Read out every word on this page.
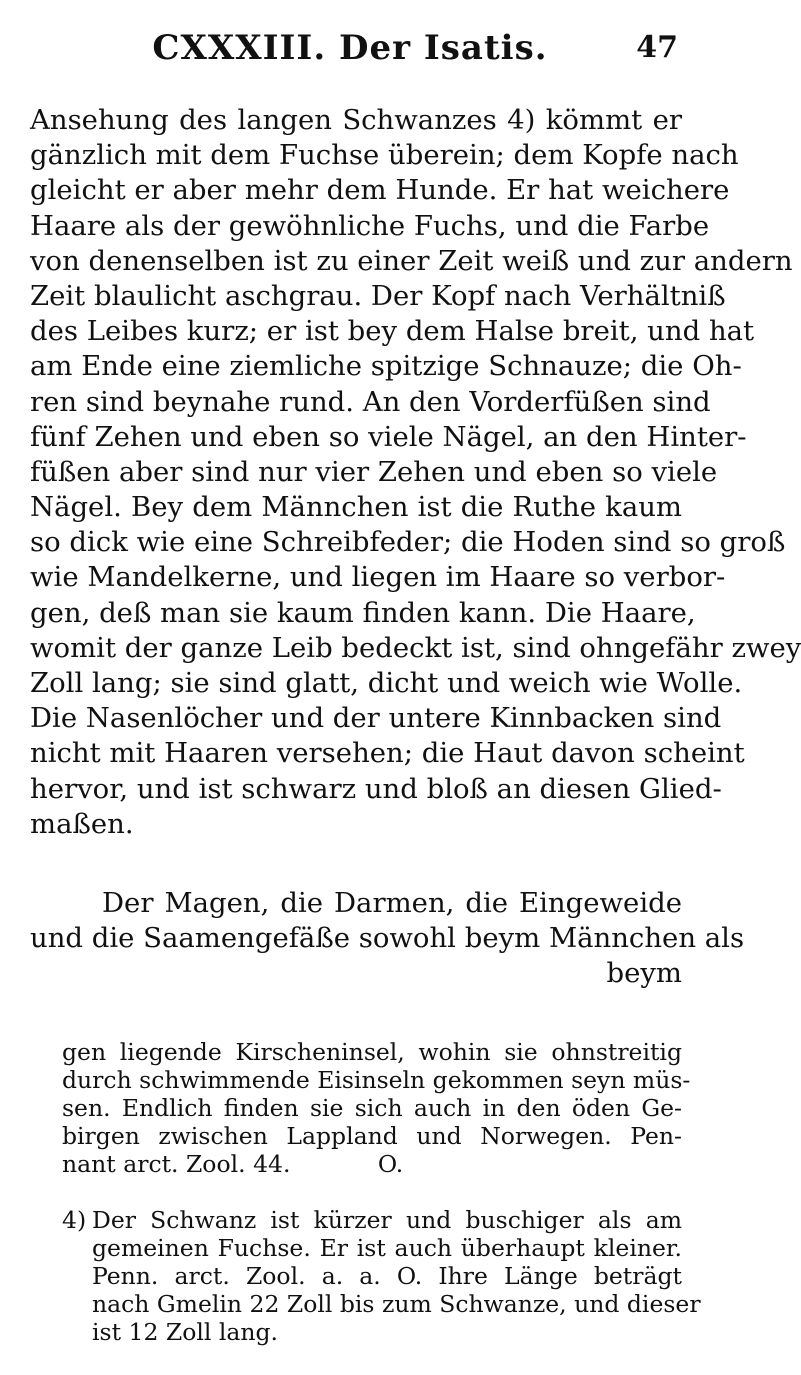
CXXXIII. Der Isatis.	47
Ansehung des langen Schwanzes 4) kömmt er
gänzlich mit dem Fuchse überein; dem Kopfe nach
gleicht er aber mehr dem Hunde. Er hat weichere
Haare als der gewöhnliche Fuchs, und die Farbe
von denenselben ist zu einer Zeit weiß und zur andern
Zeit blaulicht aschgrau. Der Kopf nach Verhältniß
des Leibes kurz; er ist bey dem Halse breit, und hat
am Ende eine ziemliche spitzige Schnauze; die Oh-
ren sind beynahe rund. An den Vorderfüßen sind
fünf Zehen und eben so viele Nägel, an den Hinter-
füßen aber sind nur vier Zehen und eben so viele
Nägel. Bey dem Männchen ist die Ruthe kaum
so dick wie eine Schreibfeder; die Hoden sind so groß
wie Mandelkerne, und liegen im Haare so verbor-
gen, deß man sie kaum finden kann. Die Haare,
womit der ganze Leib bedeckt ist, sind ohngefähr zwey
Zoll lang; sie sind glatt, dicht und weich wie Wolle.
Die Nasenlöcher und der untere Kinnbacken sind
nicht mit Haaren versehen; die Haut davon scheint
hervor, und ist schwarz und bloß an diesen Glied-
maßen.
Der Magen, die Darmen, die Eingeweide
und die Saamengefäße sowohl beym Männchen als
beym
gen liegende Kirscheninsel, wohin sie ohnstreitig
durch schwimmende Eisinseln gekommen seyn müs-
sen. Endlich finden sie sich auch in den öden Ge-
birgen zwischen Lappland und Norwegen. Pen-
nant arct. Zool. 44.	O.
4) Der Schwanz ist kürzer und buschiger als am
gemeinen Fuchse. Er ist auch überhaupt kleiner.
Penn. arct. Zool. a. a. O. Ihre Länge beträgt
nach Gmelin 22 Zoll bis zum Schwanze, und dieser
ist 12 Zoll lang.
